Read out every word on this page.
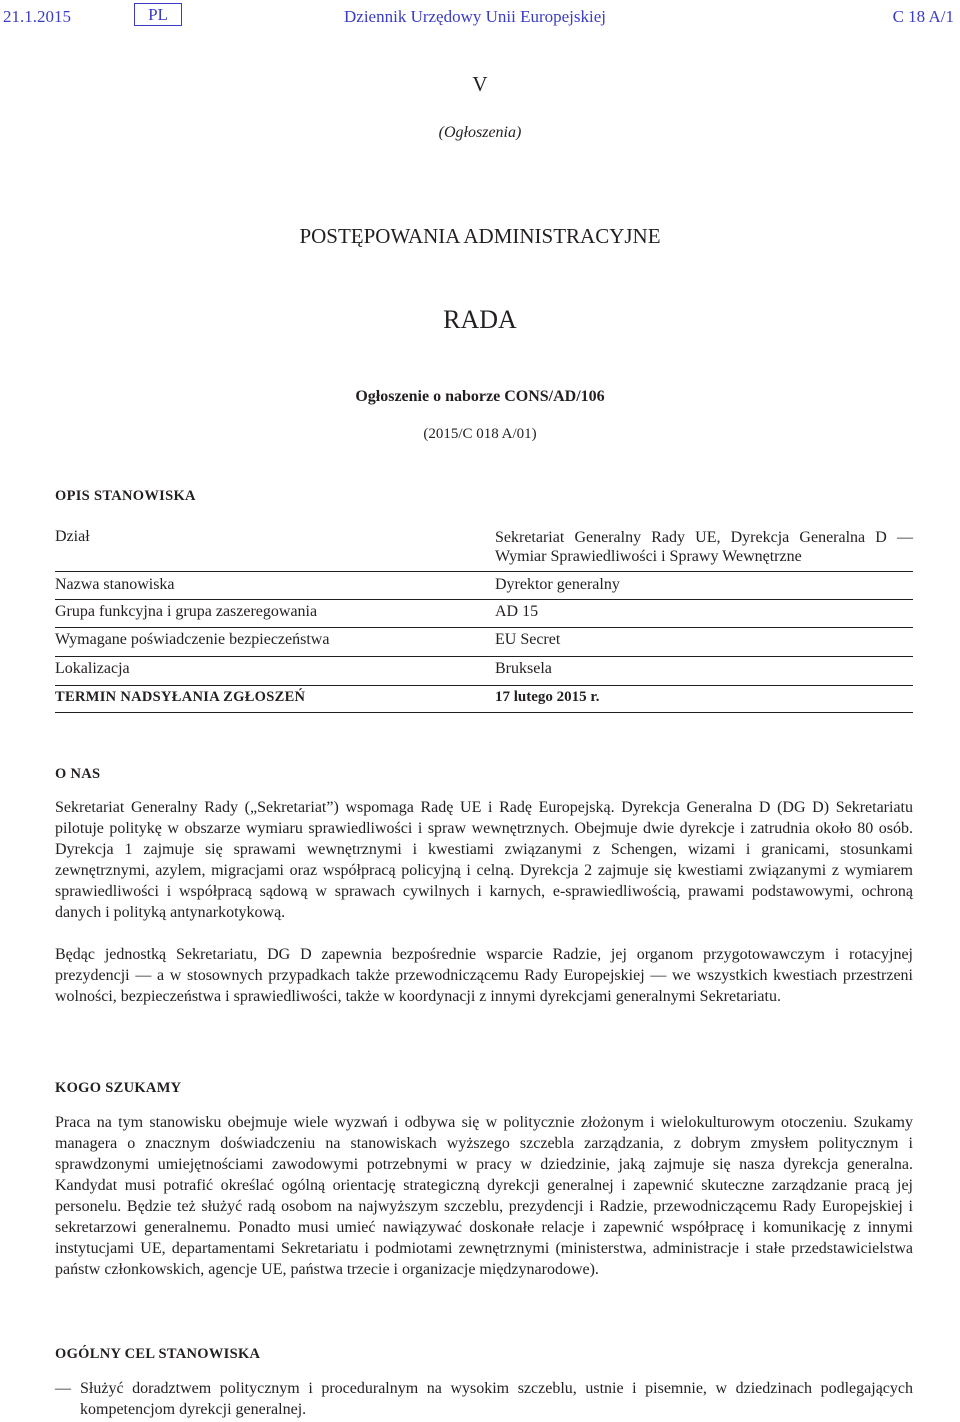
21.1.2015	PL	Dziennik Urzędowy Unii Europejskiej	C 18 A/1
V
(Ogłoszenia)
POSTĘPOWANIA ADMINISTRACYJNE
RADA
Ogłoszenie o naborze CONS/AD/106
(2015/C 018 A/01)
OPIS STANOWISKA
Dział	Sekretariat Generalny Rady UE, Dyrekcja Generalna D — Wymiar Sprawiedliwości i Sprawy Wewnętrzne
Nazwa stanowiska	Dyrektor generalny
Grupa funkcyjna i grupa zaszeregowania	AD 15
Wymagane poświadczenie bezpieczeństwa	EU Secret
Lokalizacja	Bruksela
TERMIN NADSYŁANIA ZGŁOSZEŃ	17 lutego 2015 r.
O NAS

Sekretariat Generalny Rady („Sekretariat”) wspomaga Radę UE i Radę Europejską. Dyrekcja Generalna D (DG D) Sekretariatu pilotuje politykę w obszarze wymiaru sprawiedliwości i spraw wewnętrznych. Obejmuje dwie dyrekcje i zatrudnia około 80 osób. Dyrekcja 1 zajmuje się sprawami wewnętrznymi i kwestiami związanymi z Schengen, wizami i granicami, stosunkami zewnętrznymi, azylem, migracjami oraz współpracą policyjną i celną. Dyrekcja 2 zajmuje się kwestiami związanymi z wymiarem sprawiedliwości i współpracą sądową w sprawach cywilnych i karnych, e-sprawiedliwością, prawami podstawowymi, ochroną danych i polityką antynarkotykową.

Będąc jednostką Sekretariatu, DG D zapewnia bezpośrednie wsparcie Radzie, jej organom przygotowawczym i rotacyjnej prezydencji — a w stosownych przypadkach także przewodniczącemu Rady Europejskiej — we wszystkich kwestiach przestrzeni wolności, bezpieczeństwa i sprawiedliwości, także w koordynacji z innymi dyrekcjami generalnymi Sekretariatu.

KOGO SZUKAMY

Praca na tym stanowisku obejmuje wiele wyzwań i odbywa się w politycznie złożonym i wielokulturowym otoczeniu. Szukamy managera o znacznym doświadczeniu na stanowiskach wyższego szczebla zarządzania, z dobrym zmysłem politycznym i sprawdzonymi umiejętnościami zawodowymi potrzebnymi w pracy w dziedzinie, jaką zajmuje się nasza dyrekcja generalna. Kandydat musi potrafić określać ogólną orientację strategiczną dyrekcji generalnej i zapewnić skuteczne zarządzanie pracą jej personelu. Będzie też służyć radą osobom na najwyższym szczeblu, prezydencji i Radzie, przewodniczącemu Rady Europejskiej i sekretarzowi generalnemu. Ponadto musi umieć nawiązywać doskonałe relacje i zapewnić współpracę i komunikację z innymi instytucjami UE, departamentami Sekretariatu i podmiotami zewnętrznymi (ministerstwa, administracje i stałe przedstawicielstwa państw członkowskich, agencje UE, państwa trzecie i organizacje międzynarodowe).

OGÓLNY CEL STANOWISKA
— Służyć doradztwem politycznym i proceduralnym na wysokim szczeblu, ustnie i pisemnie, w dziedzinach podlegających kompetencjom dyrekcji generalnej.
